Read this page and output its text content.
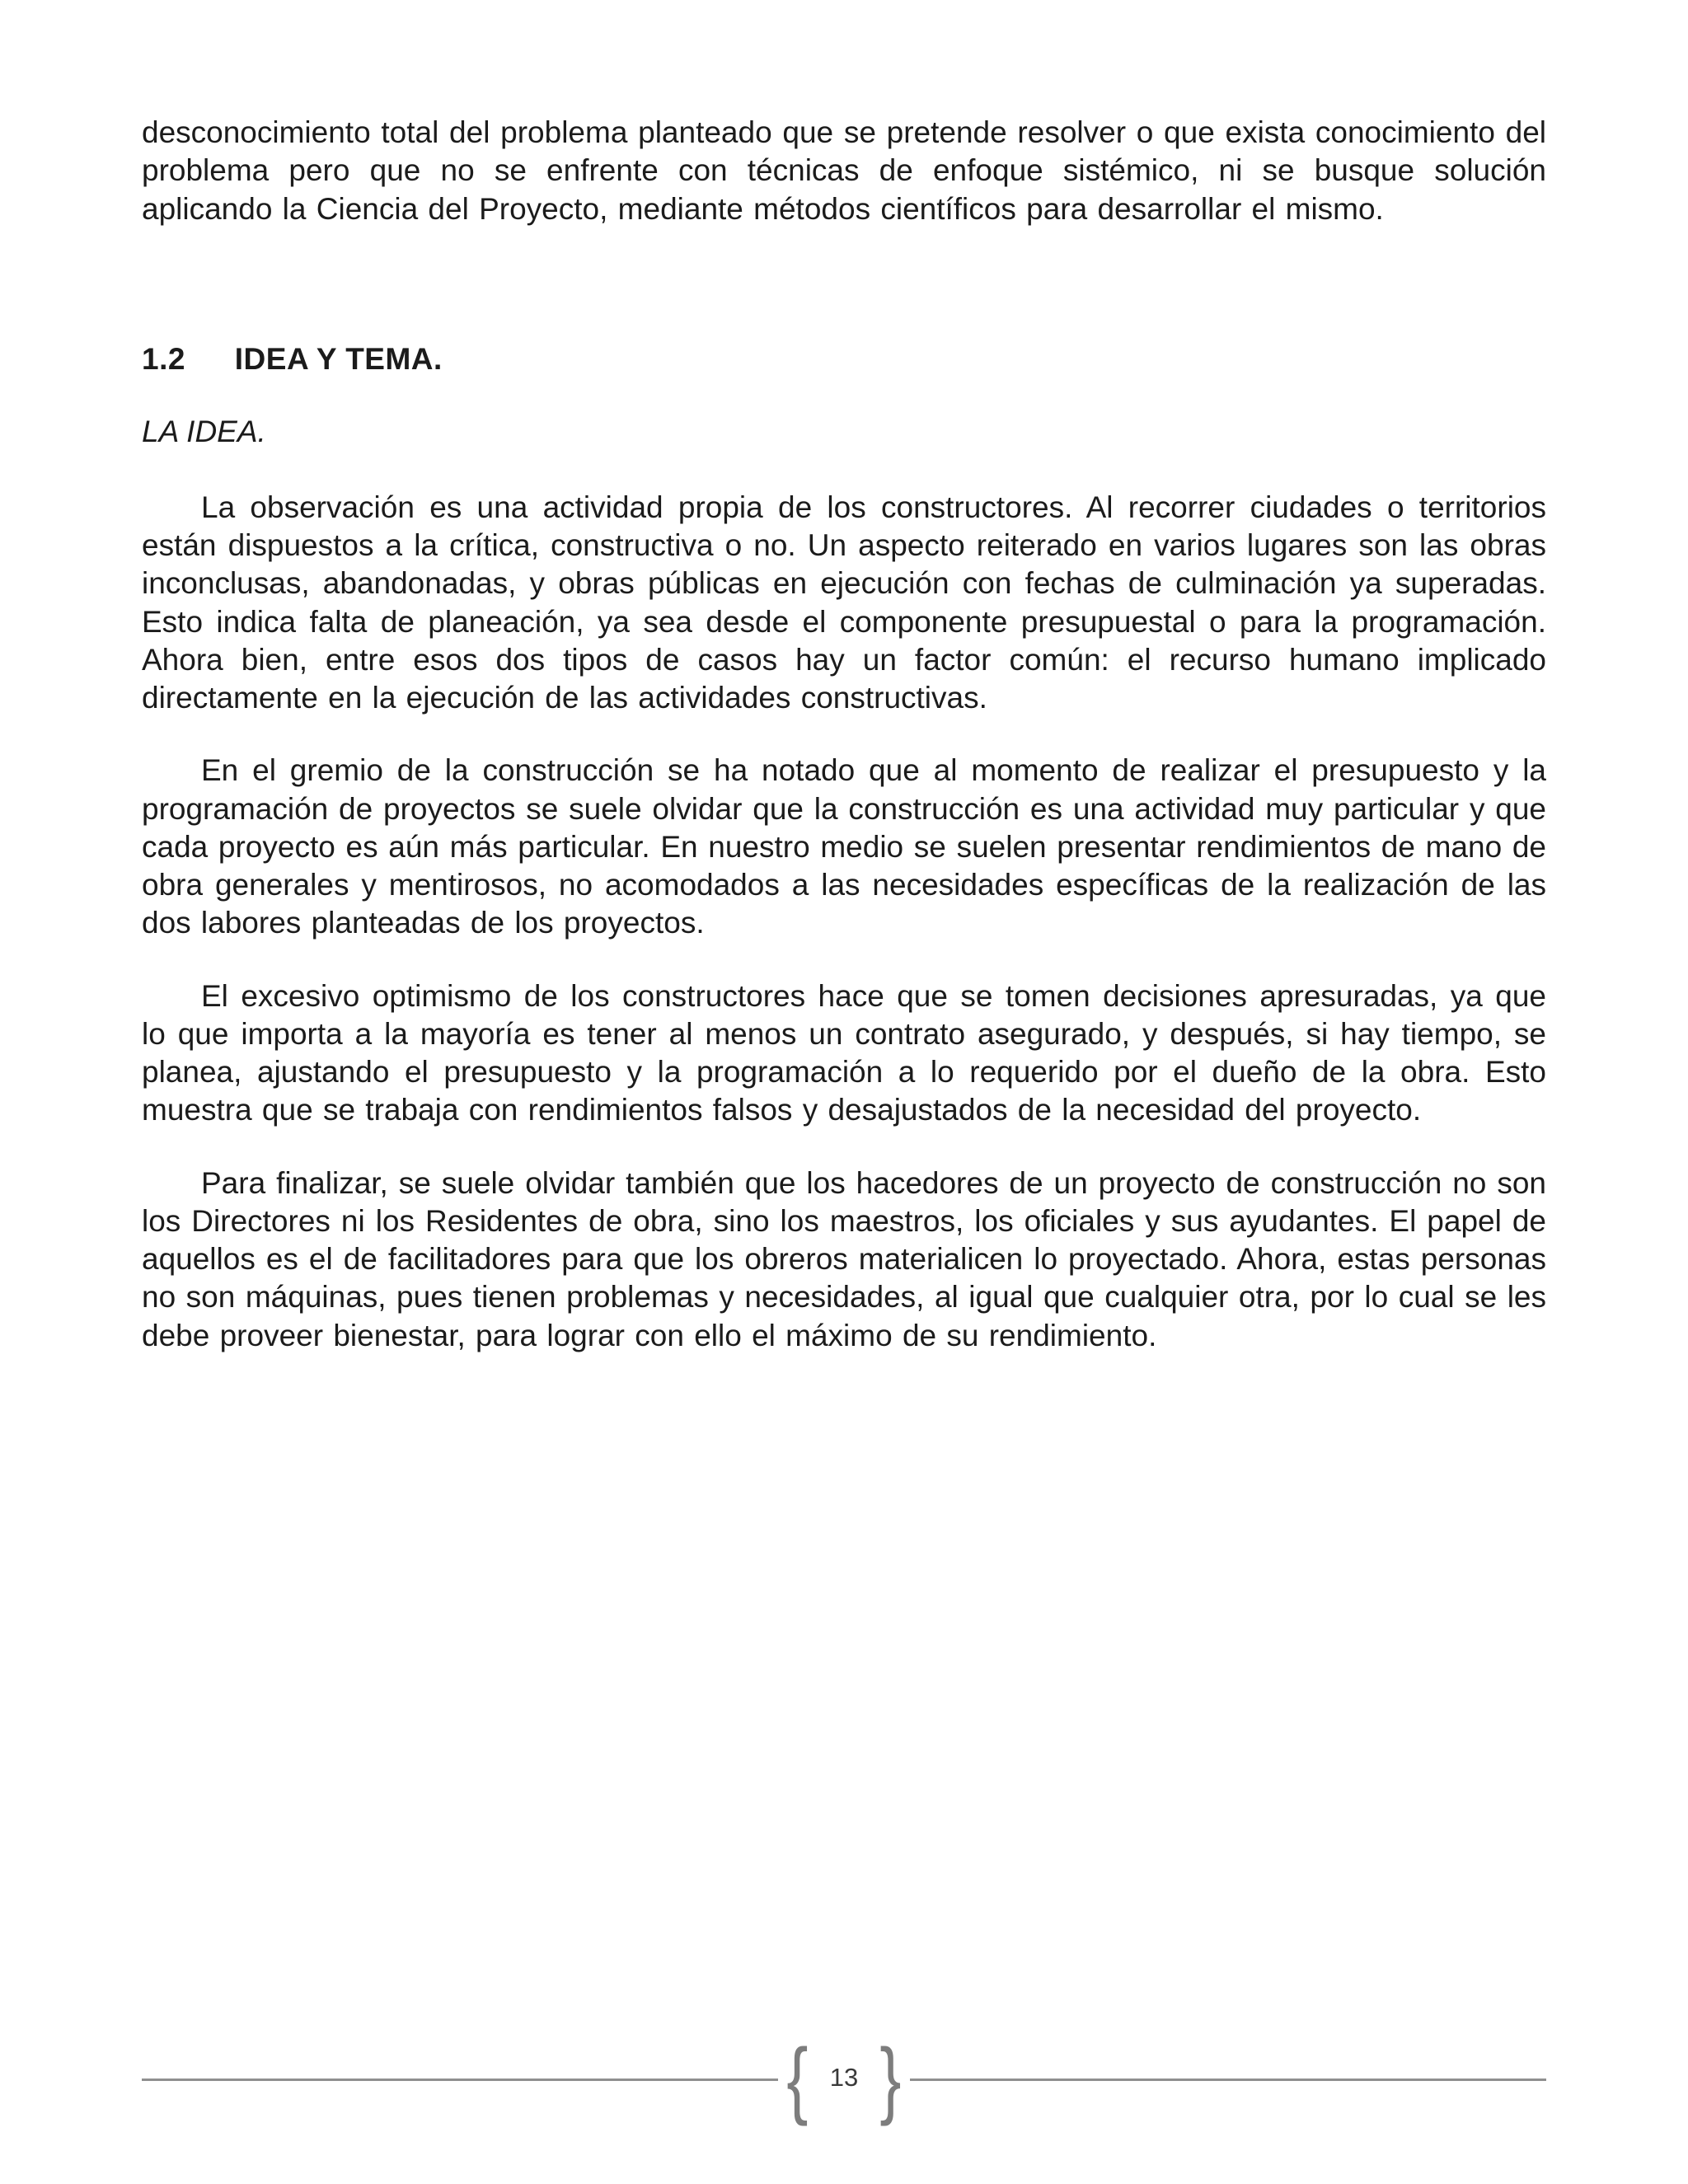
desconocimiento total del problema planteado que se pretende resolver o que exista conocimiento del problema pero que no se enfrente con técnicas de enfoque sistémico, ni se busque solución aplicando la Ciencia del Proyecto, mediante métodos científicos para desarrollar el mismo.

1.2 IDEA Y TEMA.

LA IDEA.

La observación es una actividad propia de los constructores. Al recorrer ciudades o territorios están dispuestos a la crítica, constructiva o no. Un aspecto reiterado en varios lugares son las obras inconclusas, abandonadas, y obras públicas en ejecución con fechas de culminación ya superadas. Esto indica falta de planeación, ya sea desde el componente presupuestal o para la programación. Ahora bien, entre esos dos tipos de casos hay un factor común: el recurso humano implicado directamente en la ejecución de las actividades constructivas.

En el gremio de la construcción se ha notado que al momento de realizar el presupuesto y la programación de proyectos se suele olvidar que la construcción es una actividad muy particular y que cada proyecto es aún más particular. En nuestro medio se suelen presentar rendimientos de mano de obra generales y mentirosos, no acomodados a las necesidades específicas de la realización de las dos labores planteadas de los proyectos.

El excesivo optimismo de los constructores hace que se tomen decisiones apresuradas, ya que lo que importa a la mayoría es tener al menos un contrato asegurado, y después, si hay tiempo, se planea, ajustando el presupuesto y la programación a lo requerido por el dueño de la obra. Esto muestra que se trabaja con rendimientos falsos y desajustados de la necesidad del proyecto.

Para finalizar, se suele olvidar también que los hacedores de un proyecto de construcción no son los Directores ni los Residentes de obra, sino los maestros, los oficiales y sus ayudantes. El papel de aquellos es el de facilitadores para que los obreros materialicen lo proyectado. Ahora, estas personas no son máquinas, pues tienen problemas y necesidades, al igual que cualquier otra, por lo cual se les debe proveer bienestar, para lograr con ello el máximo de su rendimiento.

{ 13 }
